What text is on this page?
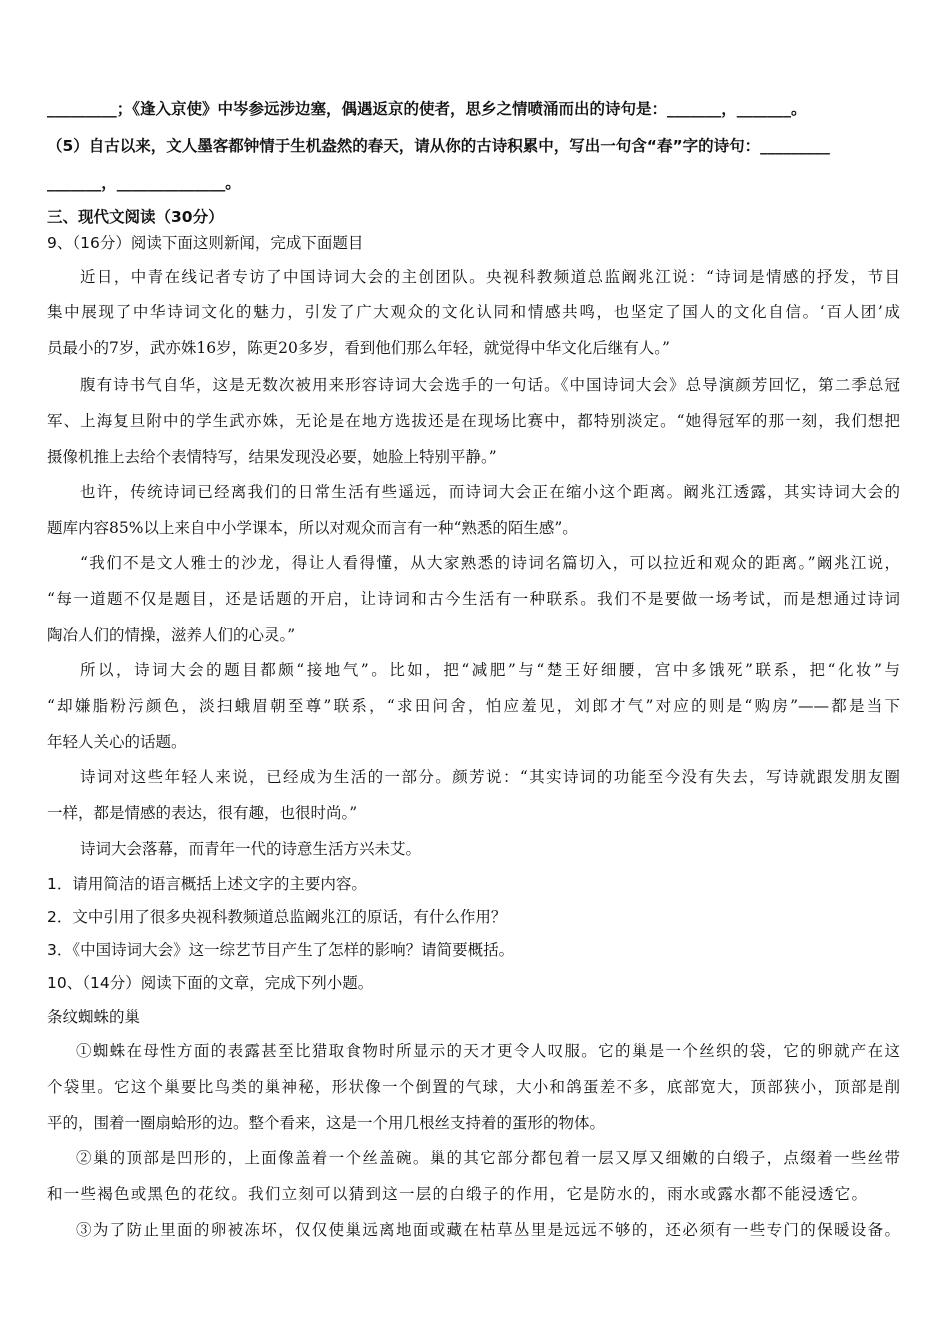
_________；《逢入京使》中岑参远涉边塞，偶遇返京的使者，思乡之情喷涌而出的诗句是：_______，_______。
（5）自古以来，文人墨客都钟情于生机盎然的春天，请从你的古诗积累中，写出一句含“春”字的诗句：_________
_______，______________。
三、现代文阅读（30分）
9、（16分）阅读下面这则新闻，完成下面题目
近日，中青在线记者专访了中国诗词大会的主创团队。央视科教频道总监阚兆江说：“诗词是情感的抒发，节目
集中展现了中华诗词文化的魅力，引发了广大观众的文化认同和情感共鸣，也坚定了国人的文化自信。‘百人团’成
员最小的7岁，武亦姝16岁，陈更20多岁，看到他们那么年轻，就觉得中华文化后继有人。”
腹有诗书气自华，这是无数次被用来形容诗词大会选手的一句话。《中国诗词大会》总导演颜芳回忆，第二季总冠
军、上海复旦附中的学生武亦姝，无论是在地方选拔还是在现场比赛中，都特别淡定。“她得冠军的那一刻，我们想把
摄像机推上去给个表情特写，结果发现没必要，她脸上特别平静。”
也许，传统诗词已经离我们的日常生活有些遥远，而诗词大会正在缩小这个距离。阚兆江透露，其实诗词大会的
题库内容85%以上来自中小学课本，所以对观众而言有一种“熟悉的陌生感”。
“我们不是文人雅士的沙龙，得让人看得懂，从大家熟悉的诗词名篇切入，可以拉近和观众的距离。”阚兆江说，
“每一道题不仅是题目，还是话题的开启，让诗词和古今生活有一种联系。我们不是要做一场考试，而是想通过诗词
陶冶人们的情操，滋养人们的心灵。”
所以，诗词大会的题目都颇“接地气”。比如，把“减肥”与“楚王好细腰，宫中多饿死”联系，把“化妆”与
“却嫌脂粉污颜色，淡扫蛾眉朝至尊”联系，“求田问舍，怕应羞见，刘郎才气”对应的则是“购房”——都是当下
年轻人关心的话题。
诗词对这些年轻人来说，已经成为生活的一部分。颜芳说：“其实诗词的功能至今没有失去，写诗就跟发朋友圈
一样，都是情感的表达，很有趣，也很时尚。”
诗词大会落幕，而青年一代的诗意生活方兴未艾。
1．请用简洁的语言概括上述文字的主要内容。
2．文中引用了很多央视科教频道总监阚兆江的原话，有什么作用？
3．《中国诗词大会》这一综艺节目产生了怎样的影响？请简要概括。
10、（14分）阅读下面的文章，完成下列小题。
条纹蜘蛛的巢
①蜘蛛在母性方面的表露甚至比猎取食物时所显示的天才更令人叹服。它的巢是一个丝织的袋，它的卵就产在这
个袋里。它这个巢要比鸟类的巢神秘，形状像一个倒置的气球，大小和鸽蛋差不多，底部宽大，顶部狭小，顶部是削
平的，围着一圈扇蛤形的边。整个看来，这是一个用几根丝支持着的蛋形的物体。
②巢的顶部是凹形的，上面像盖着一个丝盖碗。巢的其它部分都包着一层又厚又细嫩的白缎子，点缀着一些丝带
和一些褐色或黑色的花纹。我们立刻可以猜到这一层的白缎子的作用，它是防水的，雨水或露水都不能浸透它。
③为了防止里面的卵被冻坏，仅仅使巢远离地面或藏在枯草丛里是远远不够的，还必须有一些专门的保暖设备。
